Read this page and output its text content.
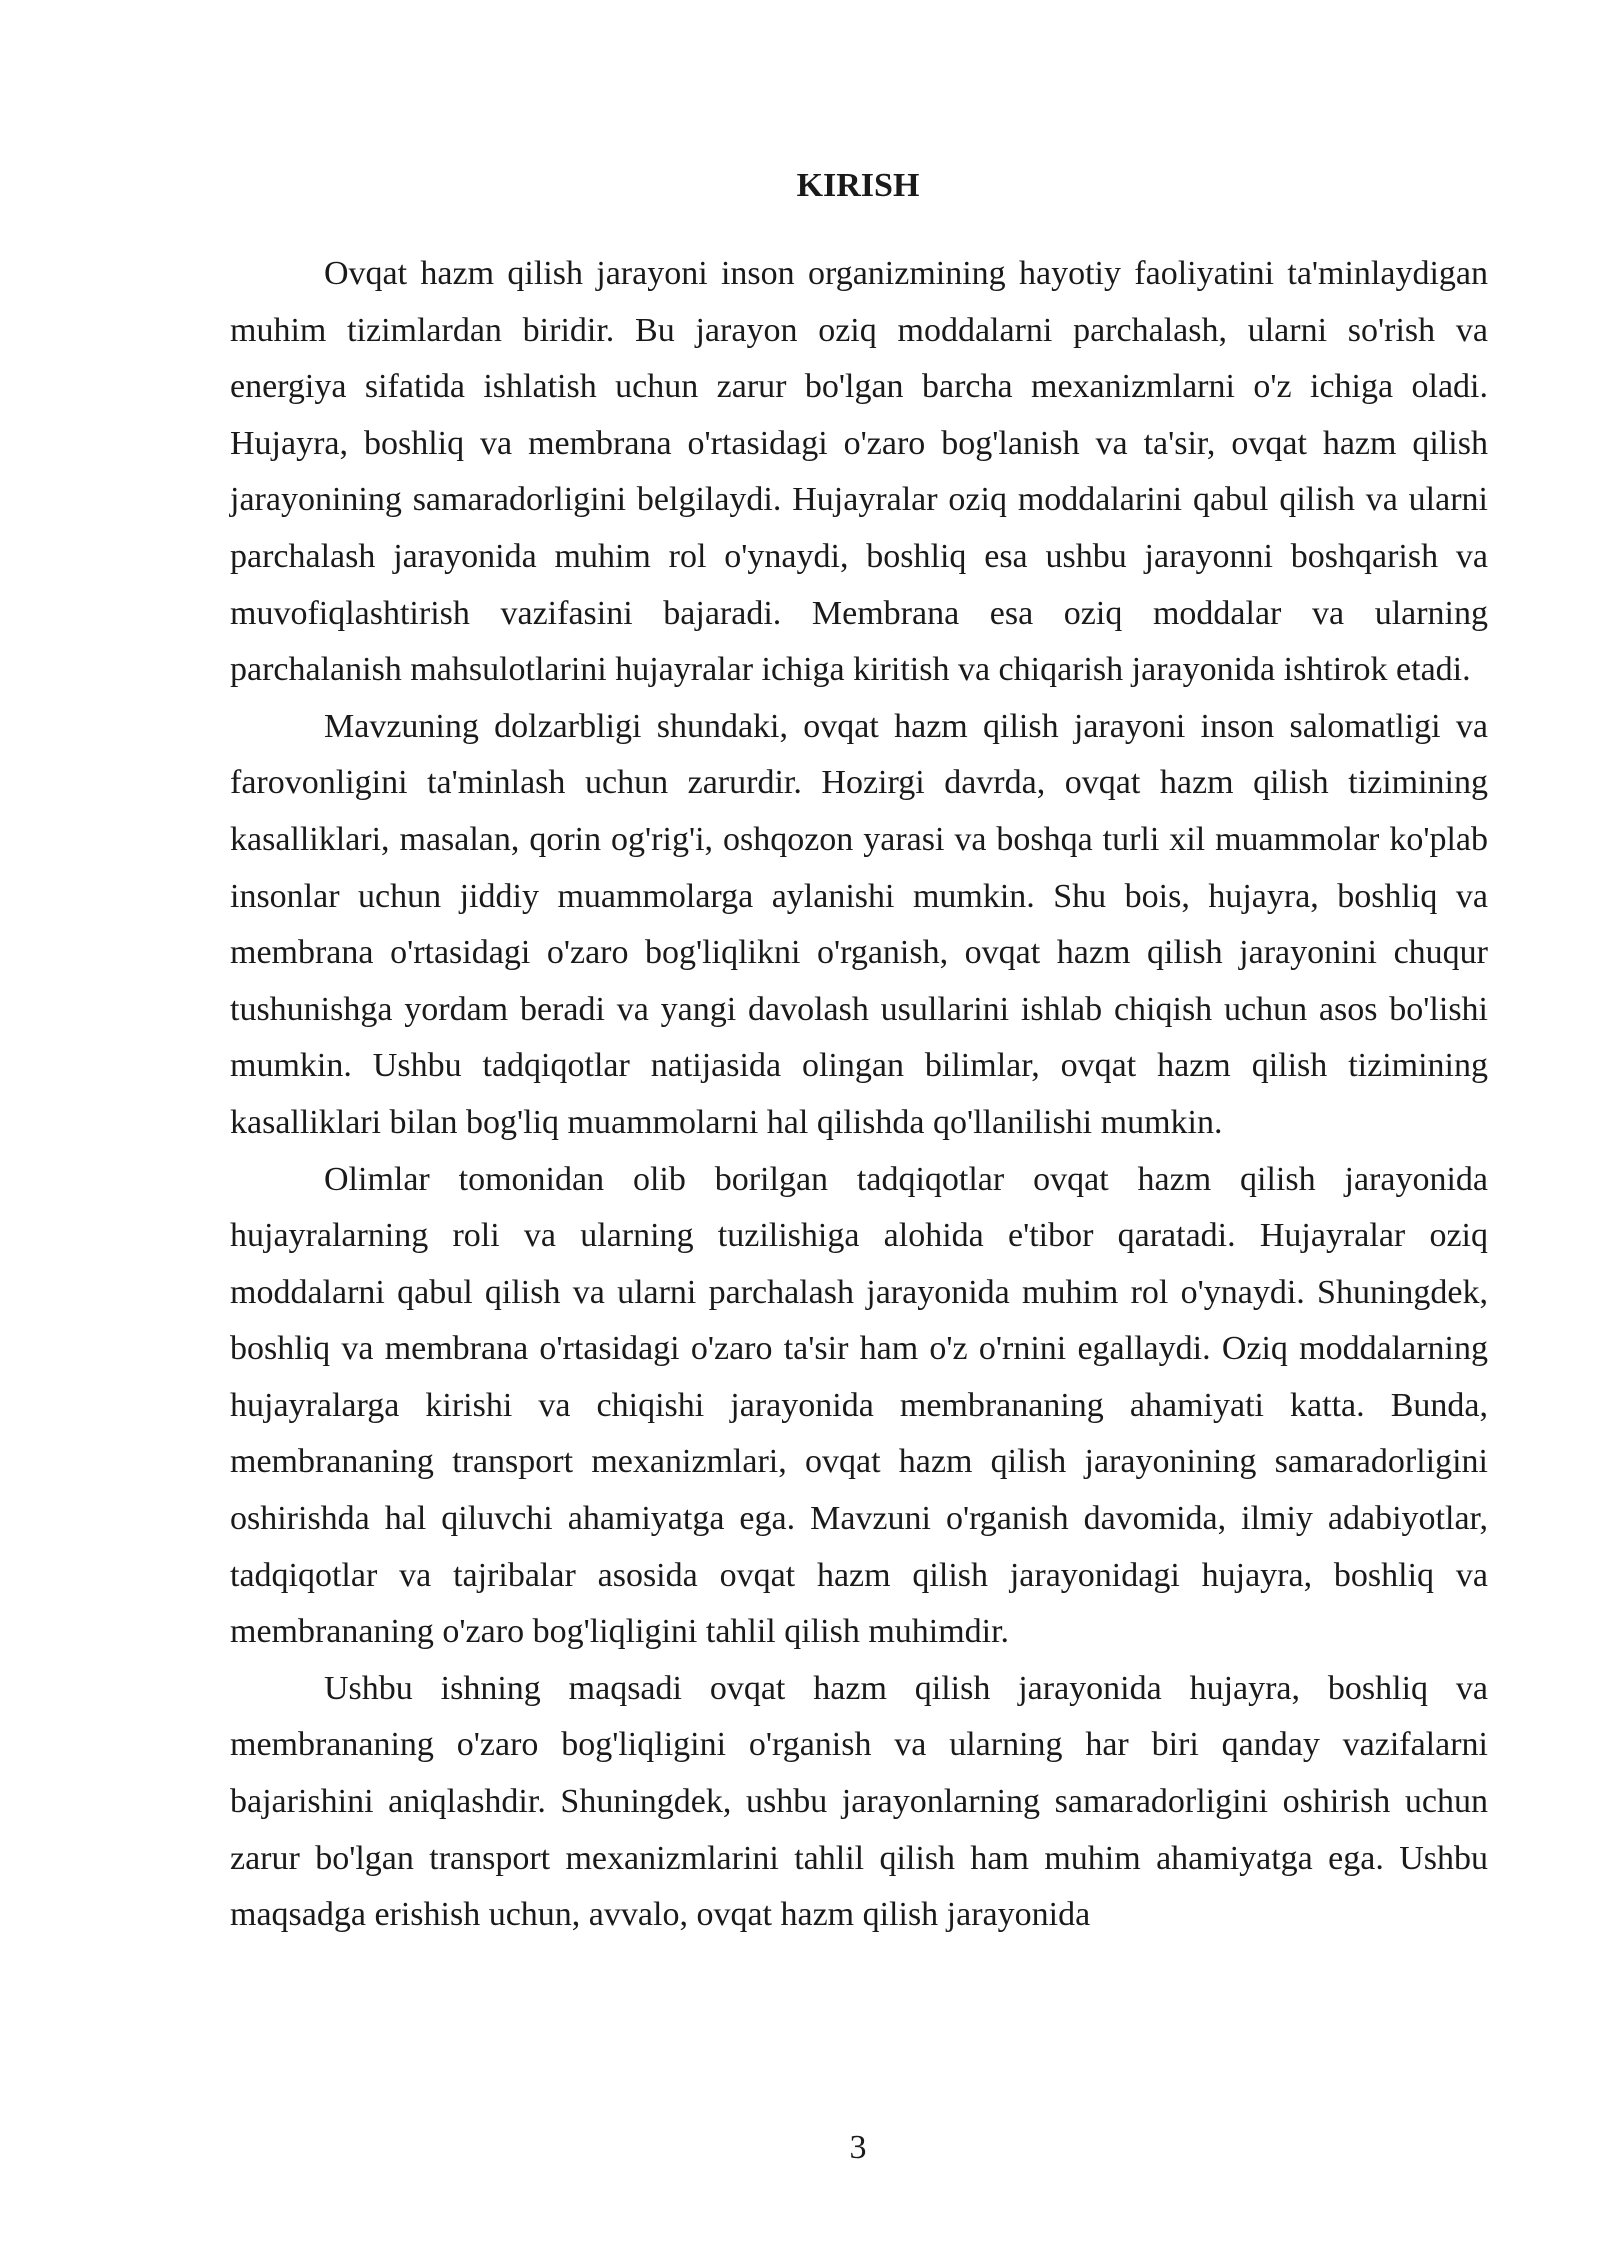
KIRISH

Ovqat hazm qilish jarayoni inson organizmining hayotiy faoliyatini ta'minlaydigan muhim tizimlardan biridir. Bu jarayon oziq moddalarni parchalash, ularni so'rish va energiya sifatida ishlatish uchun zarur bo'lgan barcha mexanizmlarni o'z ichiga oladi. Hujayra, boshliq va membrana o'rtasidagi o'zaro bog'lanish va ta'sir, ovqat hazm qilish jarayonining samaradorligini belgilaydi. Hujayralar oziq moddalarini qabul qilish va ularni parchalash jarayonida muhim rol o'ynaydi, boshliq esa ushbu jarayonni boshqarish va muvofiqlashtirish vazifasini bajaradi. Membrana esa oziq moddalar va ularning parchalanish mahsulotlarini hujayralar ichiga kiritish va chiqarish jarayonida ishtirok etadi.

Mavzuning dolzarbligi shundaki, ovqat hazm qilish jarayoni inson salomatligi va farovonligini ta'minlash uchun zarurdir. Hozirgi davrda, ovqat hazm qilish tizimining kasalliklari, masalan, qorin og'rig'i, oshqozon yarasi va boshqa turli xil muammolar ko'plab insonlar uchun jiddiy muammolarga aylanishi mumkin. Shu bois, hujayra, boshliq va membrana o'rtasidagi o'zaro bog'liqlikni o'rganish, ovqat hazm qilish jarayonini chuqur tushunishga yordam beradi va yangi davolash usullarini ishlab chiqish uchun asos bo'lishi mumkin. Ushbu tadqiqotlar natijasida olingan bilimlar, ovqat hazm qilish tizimining kasalliklari bilan bog'liq muammolarni hal qilishda qo'llanilishi mumkin.

Olimlar tomonidan olib borilgan tadqiqotlar ovqat hazm qilish jarayonida hujayralarning roli va ularning tuzilishiga alohida e'tibor qaratadi. Hujayralar oziq moddalarni qabul qilish va ularni parchalash jarayonida muhim rol o'ynaydi. Shuningdek, boshliq va membrana o'rtasidagi o'zaro ta'sir ham o'z o'rnini egallaydi. Oziq moddalarning hujayralarga kirishi va chiqishi jarayonida membrananing ahamiyati katta. Bunda, membrananing transport mexanizmlari, ovqat hazm qilish jarayonining samaradorligini oshirishda hal qiluvchi ahamiyatga ega. Mavzuni o'rganish davomida, ilmiy adabiyotlar, tadqiqotlar va tajribalar asosida ovqat hazm qilish jarayonidagi hujayra, boshliq va membrananing o'zaro bog'liqligini tahlil qilish muhimdir.

Ushbu ishning maqsadi ovqat hazm qilish jarayonida hujayra, boshliq va membrananing o'zaro bog'liqligini o'rganish va ularning har biri qanday vazifalarni bajarishini aniqlashdir. Shuningdek, ushbu jarayonlarning samaradorligini oshirish uchun zarur bo'lgan transport mexanizmlarini tahlil qilish ham muhim ahamiyatga ega. Ushbu maqsadga erishish uchun, avvalo, ovqat hazm qilish jarayonida

3
